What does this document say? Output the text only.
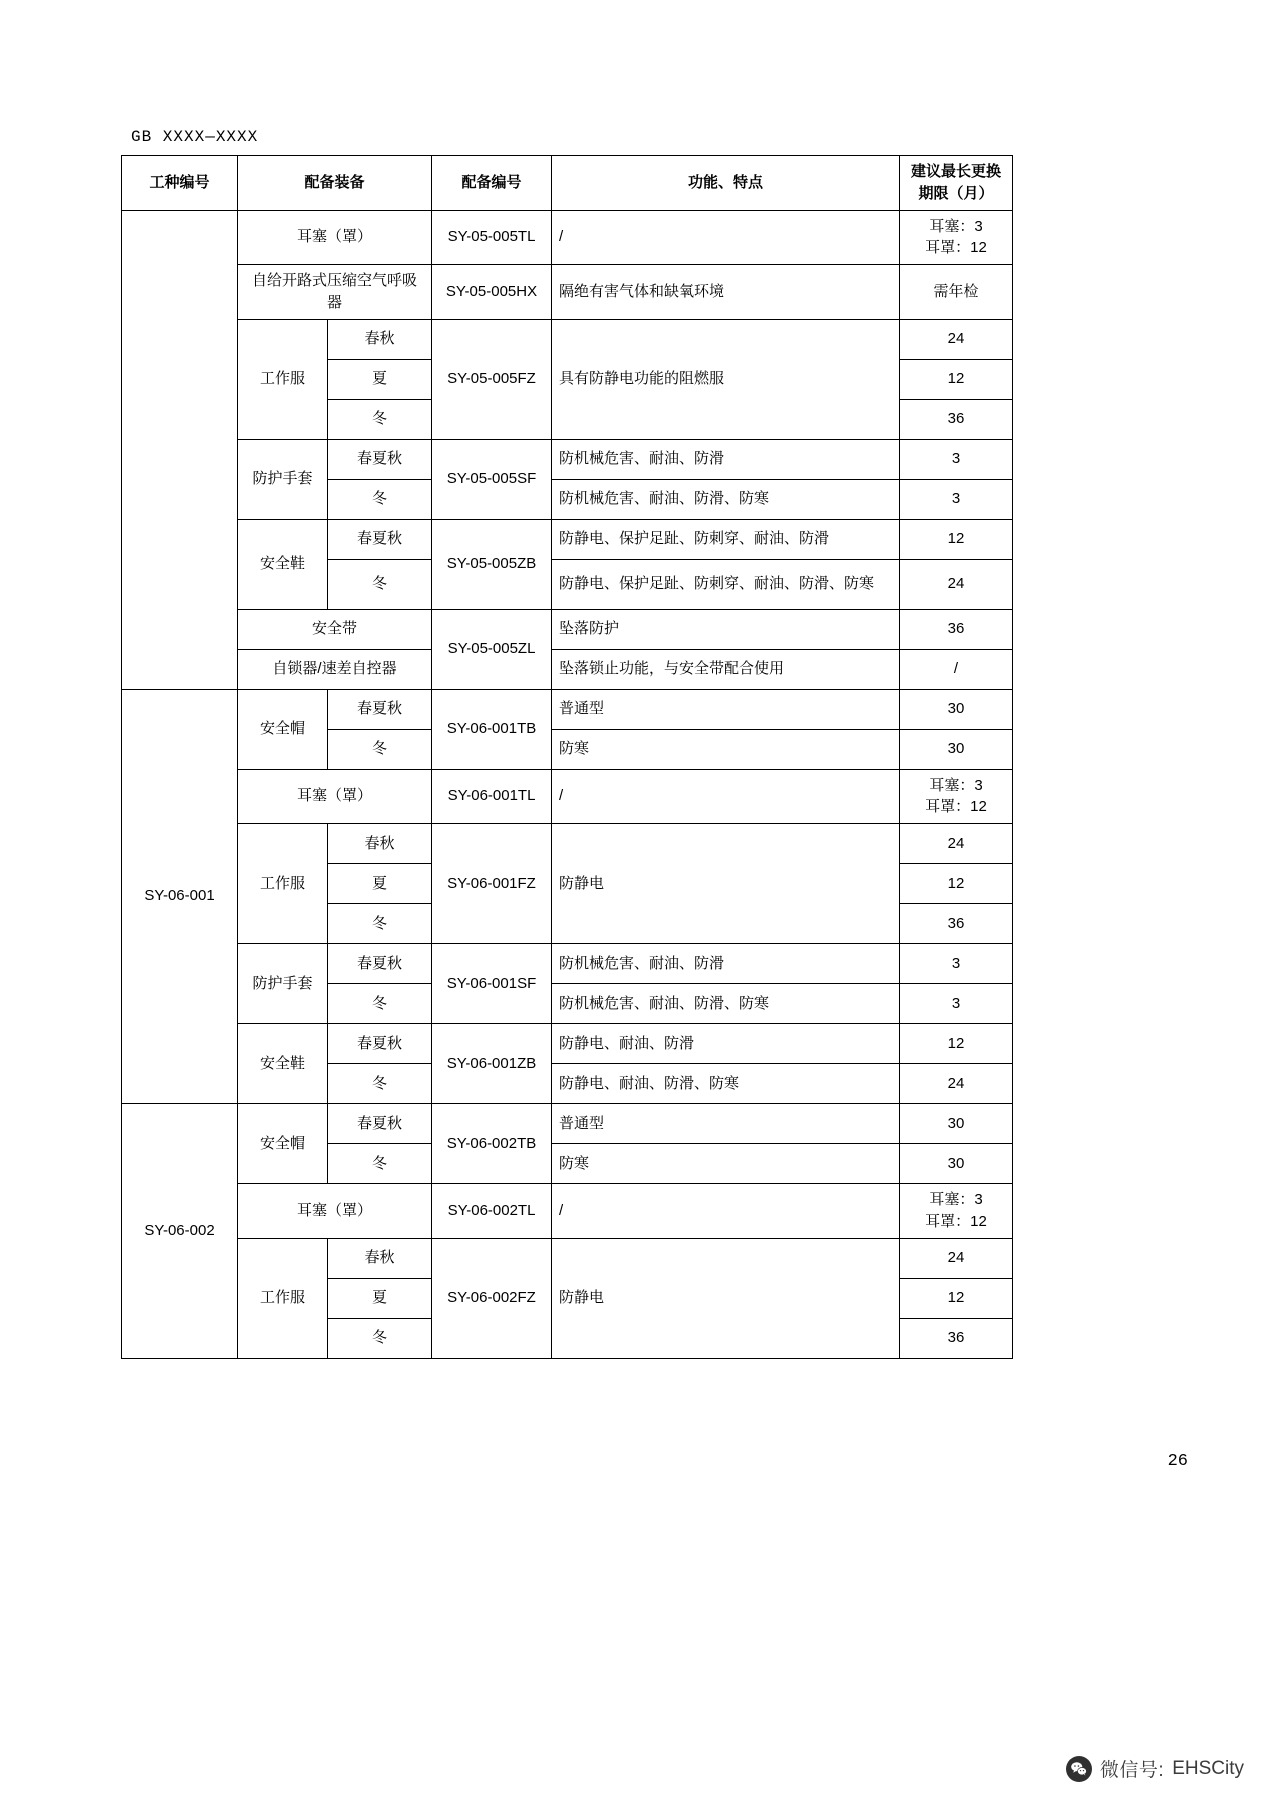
GB XXXX—XXXX
工种编号	配备装备		配备编号	功能、特点	建议最长更换期限（月）
	耳塞（罩）		SY-05-005TL	/	耳塞：3
耳罩：12
	自给开路式压缩空气呼吸器		SY-05-005HX	隔绝有害气体和缺氧环境	需年检
	工作服	春秋	SY-05-005FZ	具有防静电功能的阻燃服	24
		夏			12
		冬			36
	防护手套	春夏秋	SY-05-005SF	防机械危害、耐油、防滑	3
		冬		防机械危害、耐油、防滑、防寒	3
	安全鞋	春夏秋	SY-05-005ZB	防静电、保护足趾、防刺穿、耐油、防滑	12
		冬		防静电、保护足趾、防刺穿、耐油、防滑、防寒	24
	安全带		SY-05-005ZL	坠落防护	36
	自锁器/速差自控器			坠落锁止功能，与安全带配合使用	/
SY-06-001	安全帽	春夏秋	SY-06-001TB	普通型	30
		冬		防寒	30
	耳塞（罩）		SY-06-001TL	/	耳塞：3
耳罩：12
	工作服	春秋	SY-06-001FZ	防静电	24
		夏			12
		冬			36
	防护手套	春夏秋	SY-06-001SF	防机械危害、耐油、防滑	3
		冬		防机械危害、耐油、防滑、防寒	3
	安全鞋	春夏秋	SY-06-001ZB	防静电、耐油、防滑	12
		冬		防静电、耐油、防滑、防寒	24
SY-06-002	安全帽	春夏秋	SY-06-002TB	普通型	30
		冬		防寒	30
	耳塞（罩）		SY-06-002TL	/	耳塞：3
耳罩：12
	工作服	春秋	SY-06-002FZ	防静电	24
		夏			12
		冬			36
26
微信号: EHSCity
